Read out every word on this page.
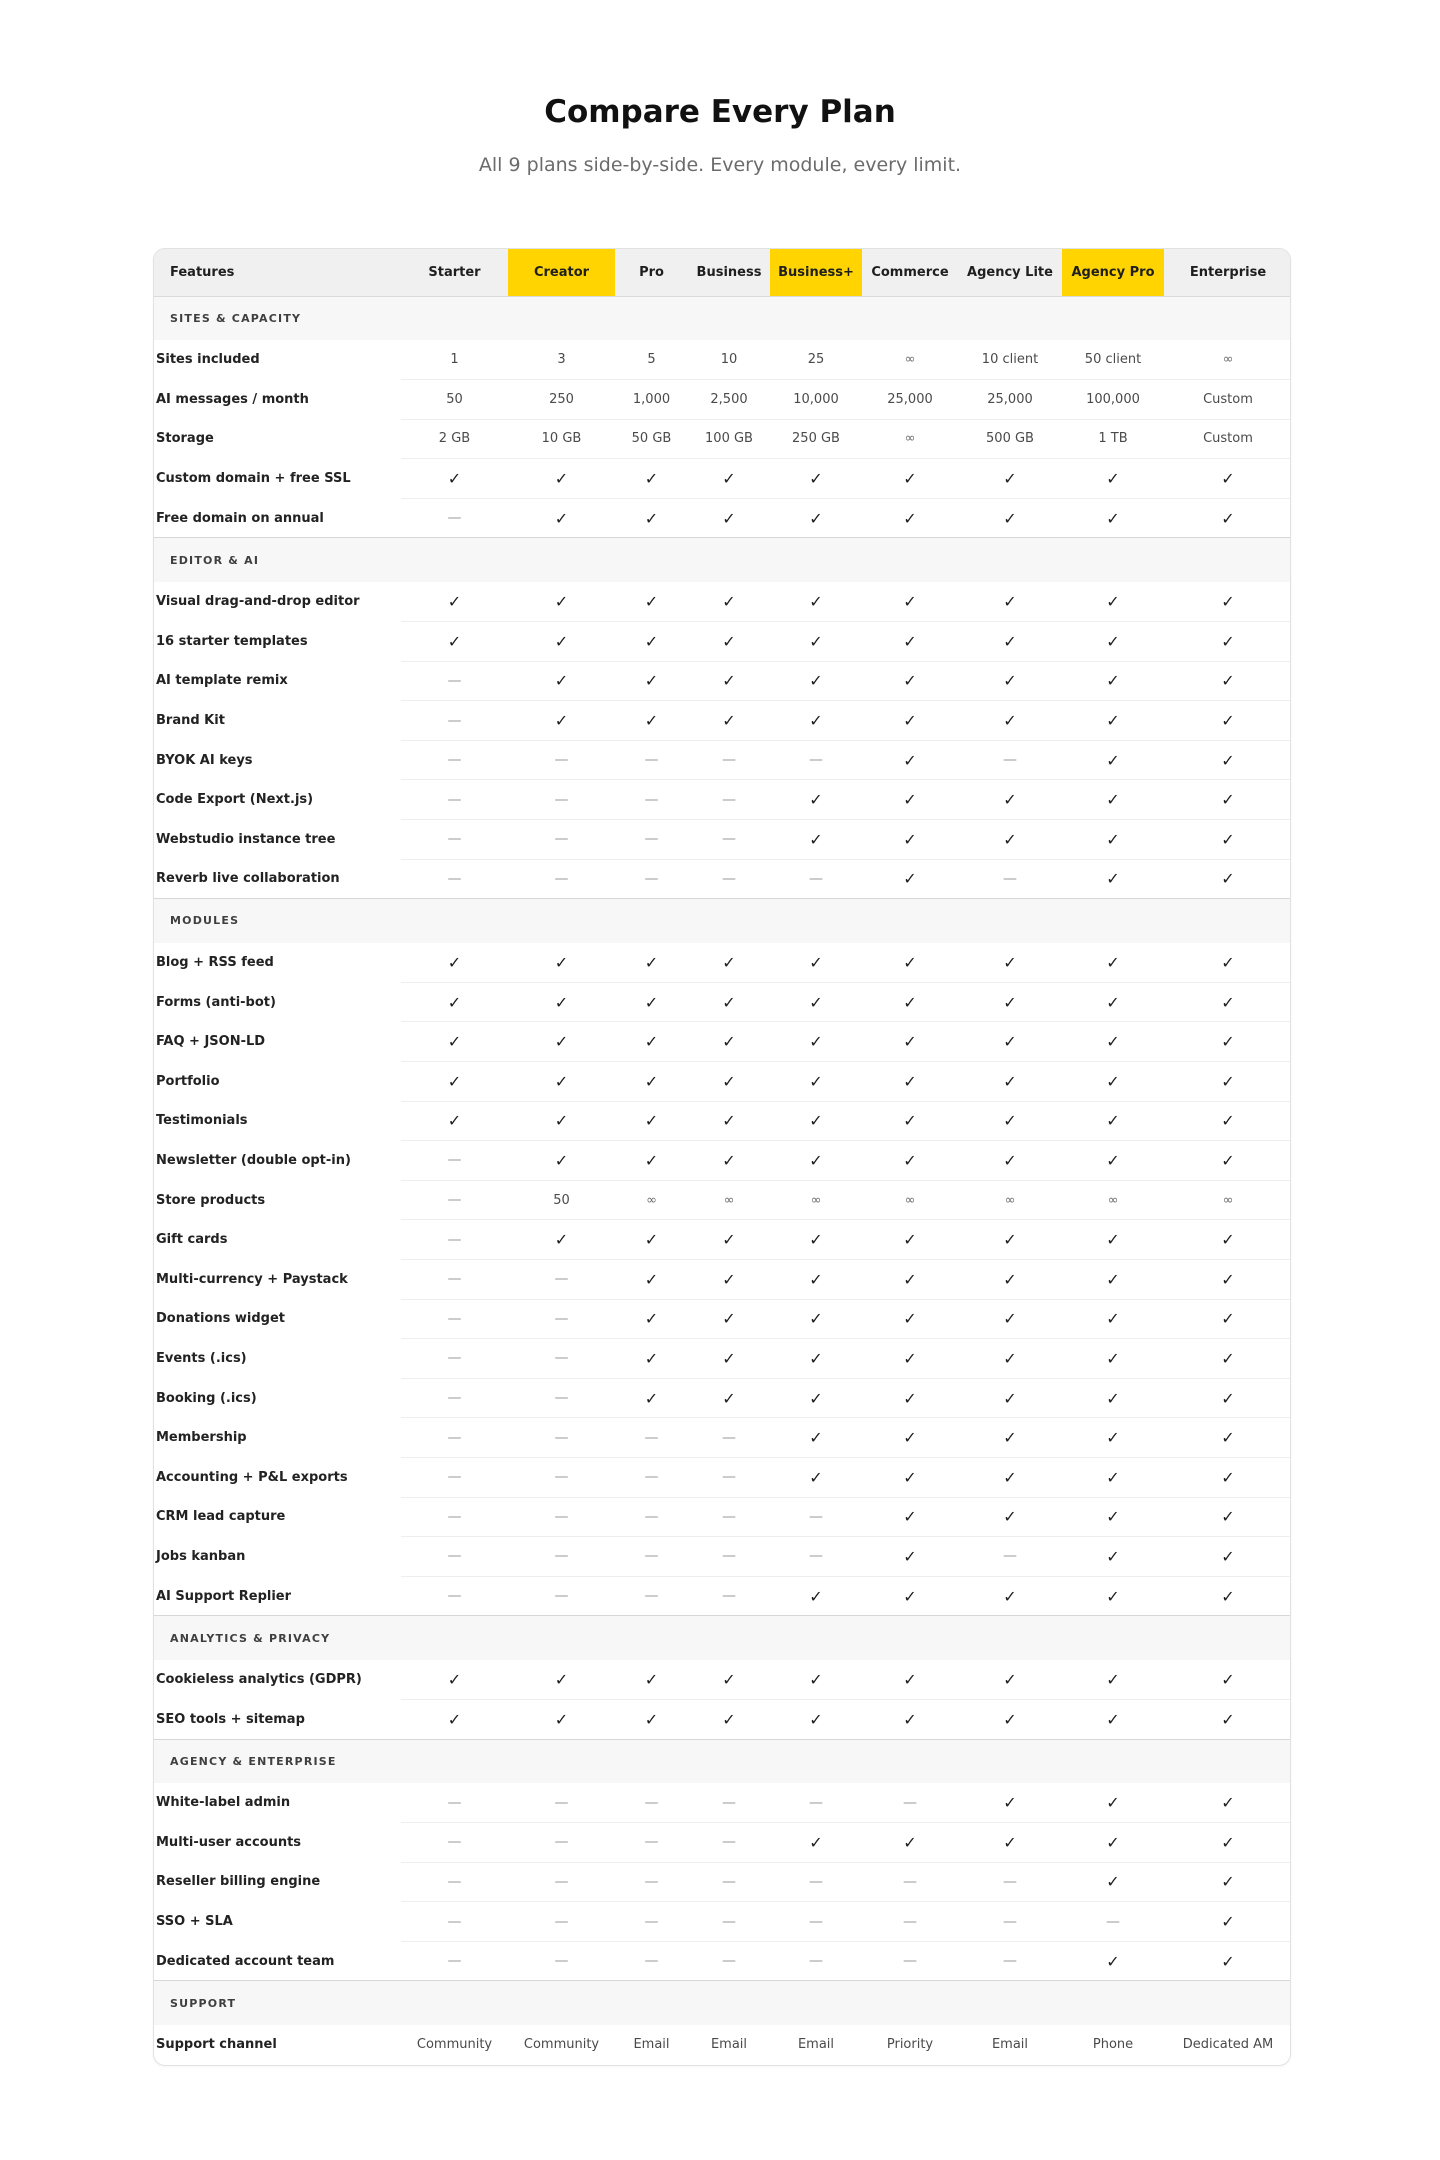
Compare Every Plan

All 9 plans side-by-side. Every module, every limit.

Features	Starter	Creator	Pro	Business	Business+	Commerce	Agency Lite	Agency Pro	Enterprise
SITES & CAPACITY									
Sites included	1	3	5	10	25	∞	10 client	50 client	∞
AI messages / month	50	250	1,000	2,500	10,000	25,000	25,000	100,000	Custom
Storage	2 GB	10 GB	50 GB	100 GB	250 GB	∞	500 GB	1 TB	Custom
Custom domain + free SSL	✓	✓	✓	✓	✓	✓	✓	✓	✓
Free domain on annual	—	✓	✓	✓	✓	✓	✓	✓	✓
EDITOR & AI									
Visual drag-and-drop editor	✓	✓	✓	✓	✓	✓	✓	✓	✓
16 starter templates	✓	✓	✓	✓	✓	✓	✓	✓	✓
AI template remix	—	✓	✓	✓	✓	✓	✓	✓	✓
Brand Kit	—	✓	✓	✓	✓	✓	✓	✓	✓
BYOK AI keys	—	—	—	—	—	✓	—	✓	✓
Code Export (Next.js)	—	—	—	—	✓	✓	✓	✓	✓
Webstudio instance tree	—	—	—	—	✓	✓	✓	✓	✓
Reverb live collaboration	—	—	—	—	—	✓	—	✓	✓
MODULES									
Blog + RSS feed	✓	✓	✓	✓	✓	✓	✓	✓	✓
Forms (anti-bot)	✓	✓	✓	✓	✓	✓	✓	✓	✓
FAQ + JSON-LD	✓	✓	✓	✓	✓	✓	✓	✓	✓
Portfolio	✓	✓	✓	✓	✓	✓	✓	✓	✓
Testimonials	✓	✓	✓	✓	✓	✓	✓	✓	✓
Newsletter (double opt-in)	—	✓	✓	✓	✓	✓	✓	✓	✓
Store products	—	50	∞	∞	∞	∞	∞	∞	∞
Gift cards	—	✓	✓	✓	✓	✓	✓	✓	✓
Multi-currency + Paystack	—	—	✓	✓	✓	✓	✓	✓	✓
Donations widget	—	—	✓	✓	✓	✓	✓	✓	✓
Events (.ics)	—	—	✓	✓	✓	✓	✓	✓	✓
Booking (.ics)	—	—	✓	✓	✓	✓	✓	✓	✓
Membership	—	—	—	—	✓	✓	✓	✓	✓
Accounting + P&L exports	—	—	—	—	✓	✓	✓	✓	✓
CRM lead capture	—	—	—	—	—	✓	✓	✓	✓
Jobs kanban	—	—	—	—	—	✓	—	✓	✓
AI Support Replier	—	—	—	—	✓	✓	✓	✓	✓
ANALYTICS & PRIVACY									
Cookieless analytics (GDPR)	✓	✓	✓	✓	✓	✓	✓	✓	✓
SEO tools + sitemap	✓	✓	✓	✓	✓	✓	✓	✓	✓
AGENCY & ENTERPRISE									
White-label admin	—	—	—	—	—	—	✓	✓	✓
Multi-user accounts	—	—	—	—	✓	✓	✓	✓	✓
Reseller billing engine	—	—	—	—	—	—	—	✓	✓
SSO + SLA	—	—	—	—	—	—	—	—	✓
Dedicated account team	—	—	—	—	—	—	—	✓	✓
SUPPORT									
Support channel	Community	Community	Email	Email	Email	Priority	Email	Phone	Dedicated AM
